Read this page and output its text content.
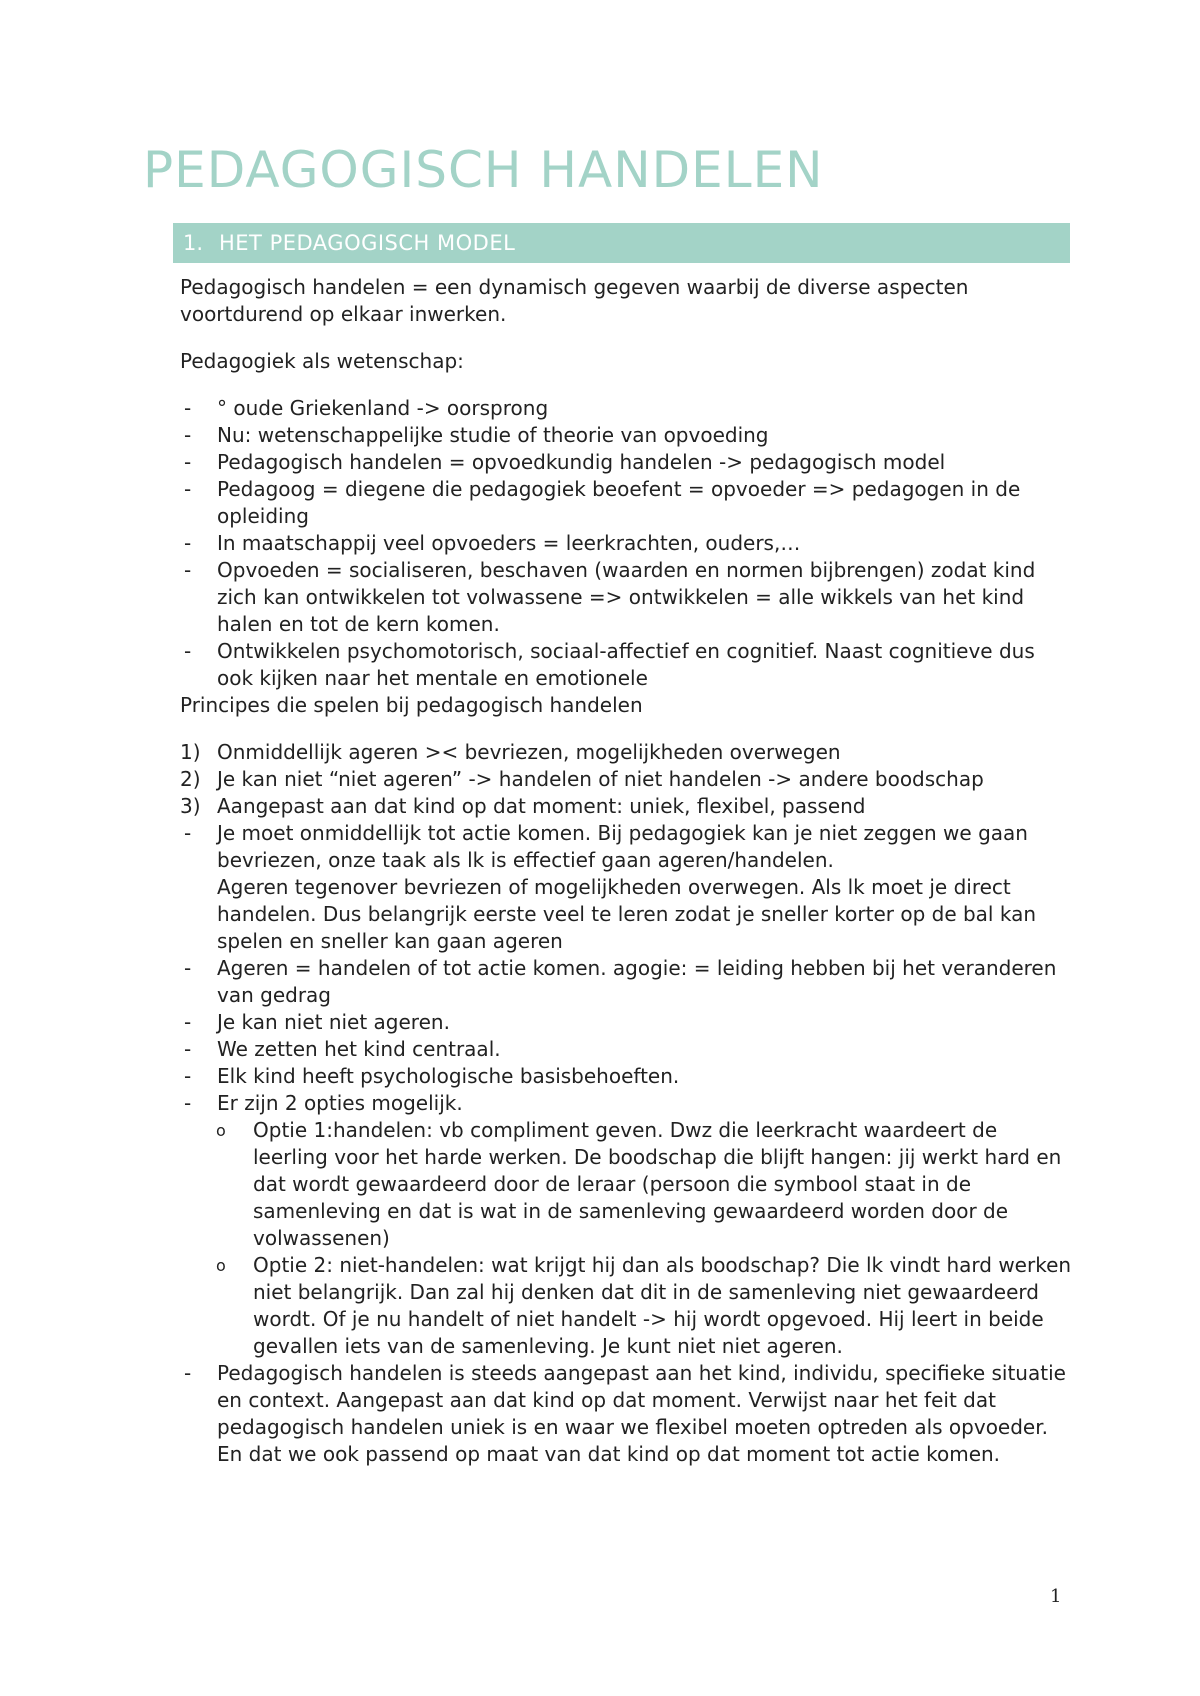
PEDAGOGISCH HANDELEN
1. HET PEDAGOGISCH MODEL

Pedagogisch handelen = een dynamisch gegeven waarbij de diverse aspecten voortdurend op elkaar inwerken.

Pedagogiek als wetenschap:

- ° oude Griekenland -> oorsprong
- Nu: wetenschappelijke studie of theorie van opvoeding
- Pedagogisch handelen = opvoedkundig handelen -> pedagogisch model
- Pedagoog = diegene die pedagogiek beoefent = opvoeder => pedagogen in de opleiding
- In maatschappij veel opvoeders = leerkrachten, ouders,…
- Opvoeden = socialiseren, beschaven (waarden en normen bijbrengen) zodat kind zich kan ontwikkelen tot volwassene => ontwikkelen = alle wikkels van het kind halen en tot de kern komen.
- Ontwikkelen psychomotorisch, sociaal-affectief en cognitief. Naast cognitieve dus ook kijken naar het mentale en emotionele

Principes die spelen bij pedagogisch handelen

1) Onmiddellijk ageren >< bevriezen, mogelijkheden overwegen
2) Je kan niet “niet ageren” -> handelen of niet handelen -> andere boodschap
3) Aangepast aan dat kind op dat moment: uniek, flexibel, passend
- Je moet onmiddellijk tot actie komen. Bij pedagogiek kan je niet zeggen we gaan bevriezen, onze taak als lk is effectief gaan ageren/handelen.
Ageren tegenover bevriezen of mogelijkheden overwegen. Als lk moet je direct handelen. Dus belangrijk eerste veel te leren zodat je sneller korter op de bal kan spelen en sneller kan gaan ageren
- Ageren = handelen of tot actie komen. agogie: = leiding hebben bij het veranderen van gedrag
- Je kan niet niet ageren.
- We zetten het kind centraal.
- Elk kind heeft psychologische basisbehoeften.
- Er zijn 2 opties mogelijk.
o Optie 1:handelen: vb compliment geven. Dwz die leerkracht waardeert de leerling voor het harde werken. De boodschap die blijft hangen: jij werkt hard en dat wordt gewaardeerd door de leraar (persoon die symbool staat in de samenleving en dat is wat in de samenleving gewaardeerd worden door de volwassenen)
o Optie 2: niet-handelen: wat krijgt hij dan als boodschap? Die lk vindt hard werken niet belangrijk. Dan zal hij denken dat dit in de samenleving niet gewaardeerd wordt. Of je nu handelt of niet handelt -> hij wordt opgevoed. Hij leert in beide gevallen iets van de samenleving. Je kunt niet niet ageren.
- Pedagogisch handelen is steeds aangepast aan het kind, individu, specifieke situatie en context. Aangepast aan dat kind op dat moment. Verwijst naar het feit dat pedagogisch handelen uniek is en waar we flexibel moeten optreden als opvoeder. En dat we ook passend op maat van dat kind op dat moment tot actie komen.
1
